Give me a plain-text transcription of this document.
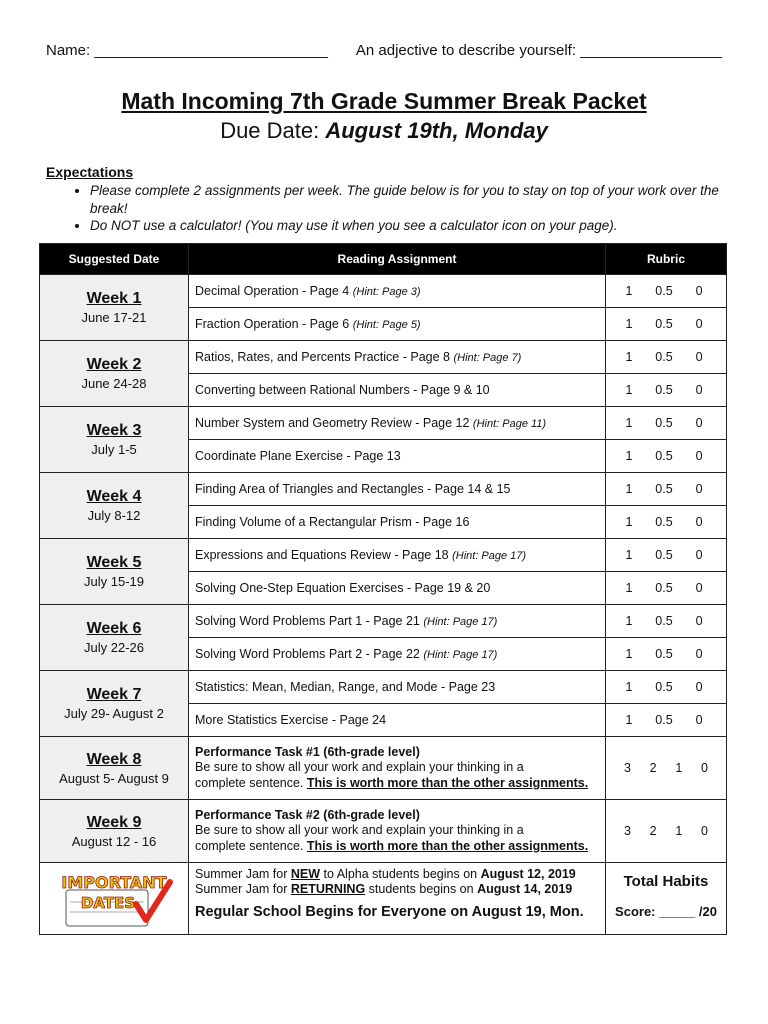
Name: ____________________________ An adjective to describe yourself: _________________
Math Incoming 7th Grade Summer Break Packet
Due Date: August 19th, Monday
Expectations
• Please complete 2 assignments per week. The guide below is for you to stay on top of your work over the break!
• Do NOT use a calculator! (You may use it when you see a calculator icon on your page).
Suggested Date	Reading Assignment	Rubric

Week 1
June 17-21	Decimal Operation - Page 4 (Hint: Page 3)	1 0.5 0

	Fraction Operation - Page 6 (Hint: Page 5)	1 0.5 0

Week 2
June 24-28	Ratios, Rates, and Percents Practice - Page 8 (Hint: Page 7)	1 0.5 0

	Converting between Rational Numbers - Page 9 & 10	1 0.5 0

Week 3
July 1-5	Number System and Geometry Review - Page 12 (Hint: Page 11)	1 0.5 0

	Coordinate Plane Exercise - Page 13	1 0.5 0

Week 4
July 8-12	Finding Area of Triangles and Rectangles - Page 14 & 15	1 0.5 0

	Finding Volume of a Rectangular Prism - Page 16	1 0.5 0

Week 5
July 15-19	Expressions and Equations Review - Page 18 (Hint: Page 17)	1 0.5 0

	Solving One-Step Equation Exercises - Page 19 & 20	1 0.5 0

Week 6
July 22-26	Solving Word Problems Part 1 - Page 21 (Hint: Page 17)	1 0.5 0

	Solving Word Problems Part 2 - Page 22 (Hint: Page 17)	1 0.5 0

Week 7
July 29- August 2	Statistics: Mean, Median, Range, and Mode - Page 23	1 0.5 0

	More Statistics Exercise - Page 24	1 0.5 0

Week 8
August 5- August 9	Performance Task #1 (6th-grade level)
Be sure to show all your work and explain your thinking in a
complete sentence. This is worth more than the other assignments.	3 2 1 0

Week 9
August 12 - 16	Performance Task #2 (6th-grade level)
Be sure to show all your work and explain your thinking in a
complete sentence. This is worth more than the other assignments.	3 2 1 0

IMPORTANT
DATES	Summer Jam for NEW to Alpha students begins on August 12, 2019
Summer Jam for RETURNING students begins on August 14, 2019
Regular School Begins for Everyone on August 19, Mon.	Total Habits
Score: _____ /20
